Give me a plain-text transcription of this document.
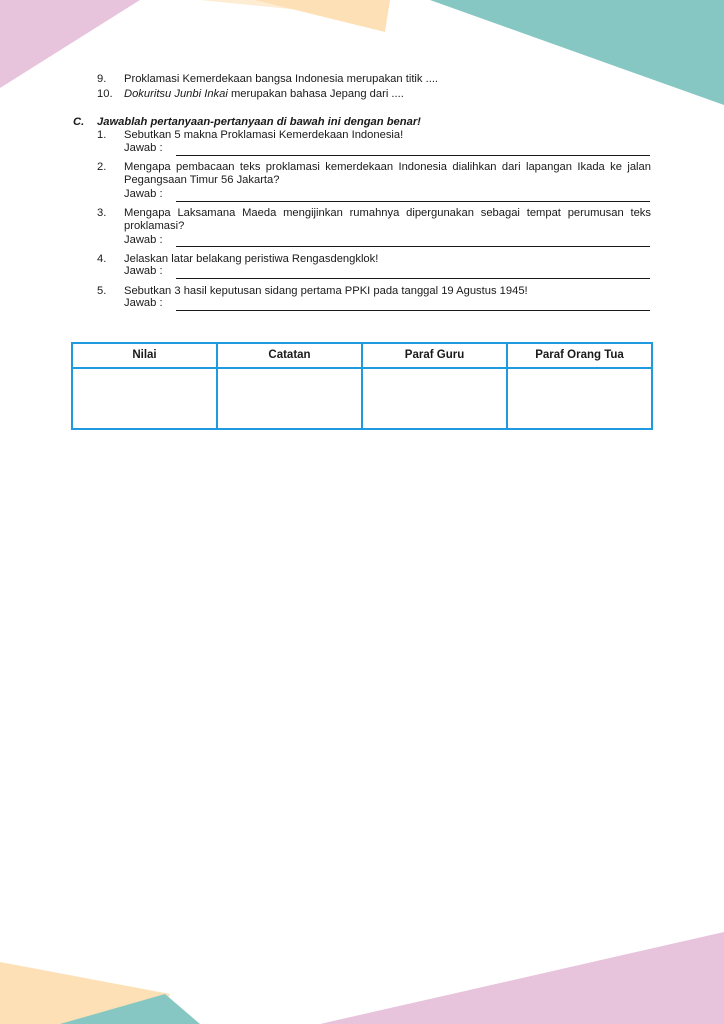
9. Proklamasi Kemerdekaan bangsa Indonesia merupakan titik ....
10. Dokuritsu Junbi Inkai merupakan bahasa Jepang dari ....
C. Jawablah pertanyaan-pertanyaan di bawah ini dengan benar!
1. Sebutkan 5 makna Proklamasi Kemerdekaan Indonesia!
Jawab :
2. Mengapa pembacaan teks proklamasi kemerdekaan Indonesia dialihkan dari lapangan Ikada ke jalan Pegangsaan Timur 56 Jakarta?
Jawab :
3. Mengapa Laksamana Maeda mengijinkan rumahnya dipergunakan sebagai tempat perumusan teks proklamasi?
Jawab :
4. Jelaskan latar belakang peristiwa Rengasdengklok!
Jawab :
5. Sebutkan 3 hasil keputusan sidang pertama PPKI pada tanggal 19 Agustus 1945!
Jawab :
Nilai	Catatan	Paraf Guru	Paraf Orang Tua
